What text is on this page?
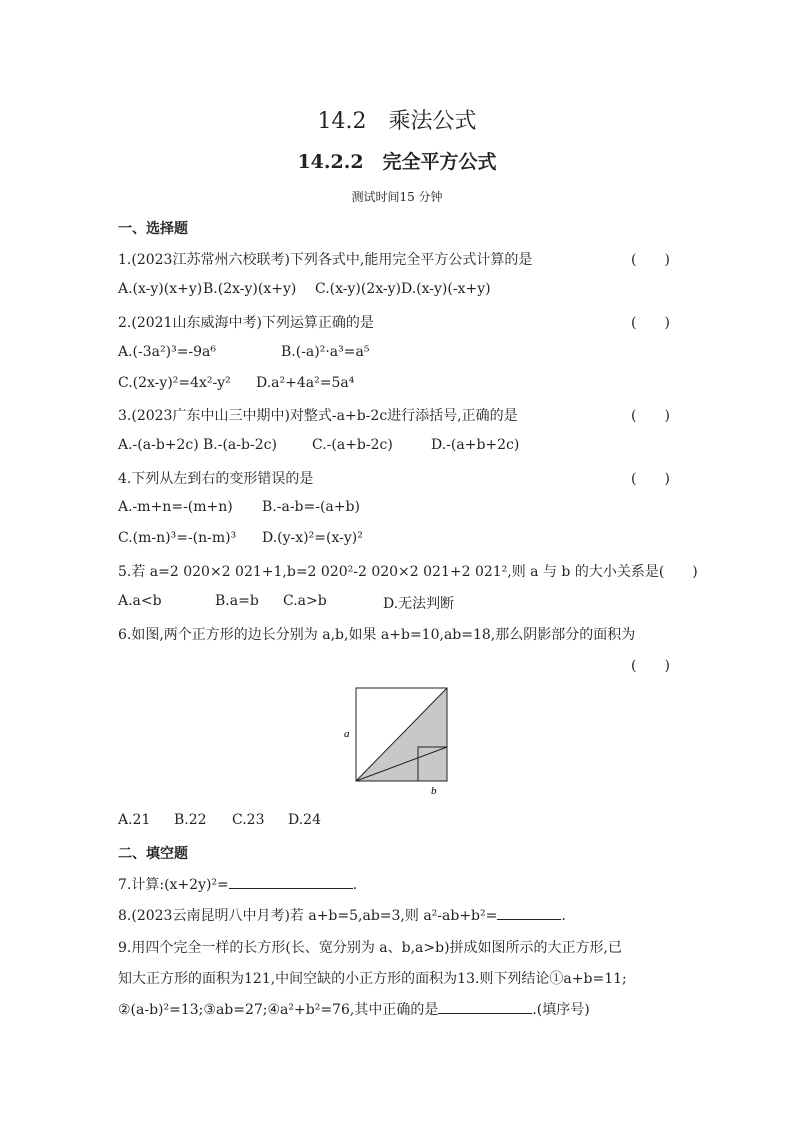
14.2　乘法公式
14.2.2　完全平方公式
测试时间15 分钟
一、选择题
1.(2023江苏常州六校联考)下列各式中,能用完全平方公式计算的是	(　　)
A.(x-y)(x+y) B.(2x-y)(x+y) C.(x-y)(2x-y) D.(x-y)(-x+y)
2.(2021山东威海中考)下列运算正确的是	(　　)
A.(-3a²)³=-9a⁶	B.(-a)²·a³=a⁵
C.(2x-y)²=4x²-y² D.a²+4a²=5a⁴
3.(2023广东中山三中期中)对整式-a+b-2c进行添括号,正确的是	(　　)
A.-(a-b+2c) B.-(a-b-2c)	C.-(a+b-2c)	D.-(a+b+2c)
4.下列从左到右的变形错误的是	(　　)
A.-m+n=-(m+n) B.-a-b=-(a+b)
C.(m-n)³=-(n-m)³ D.(y-x)²=(x-y)²
5.若 a=2 020×2 021+1,b=2 020²-2 020×2 021+2 021²,则 a 与 b 的大小关系是(　　)
A.a<b	B.a=b C.a>b	D.无法判断
6.如图,两个正方形的边长分别为 a,b,如果 a+b=10,ab=18,那么阴影部分的面积为
(　　)
a
b
A.21 B.22 C.23 D.24
二、填空题
7.计算:(x+2y)²=	.
8.(2023云南昆明八中月考)若 a+b=5,ab=3,则 a²-ab+b²=	.
9.用四个完全一样的长方形(长、宽分别为 a、b,a>b)拼成如图所示的大正方形,已
知大正方形的面积为121,中间空缺的小正方形的面积为13.则下列结论①a+b=11;
②(a-b)²=13;③ab=27;④a²+b²=76,其中正确的是	.(填序号)
